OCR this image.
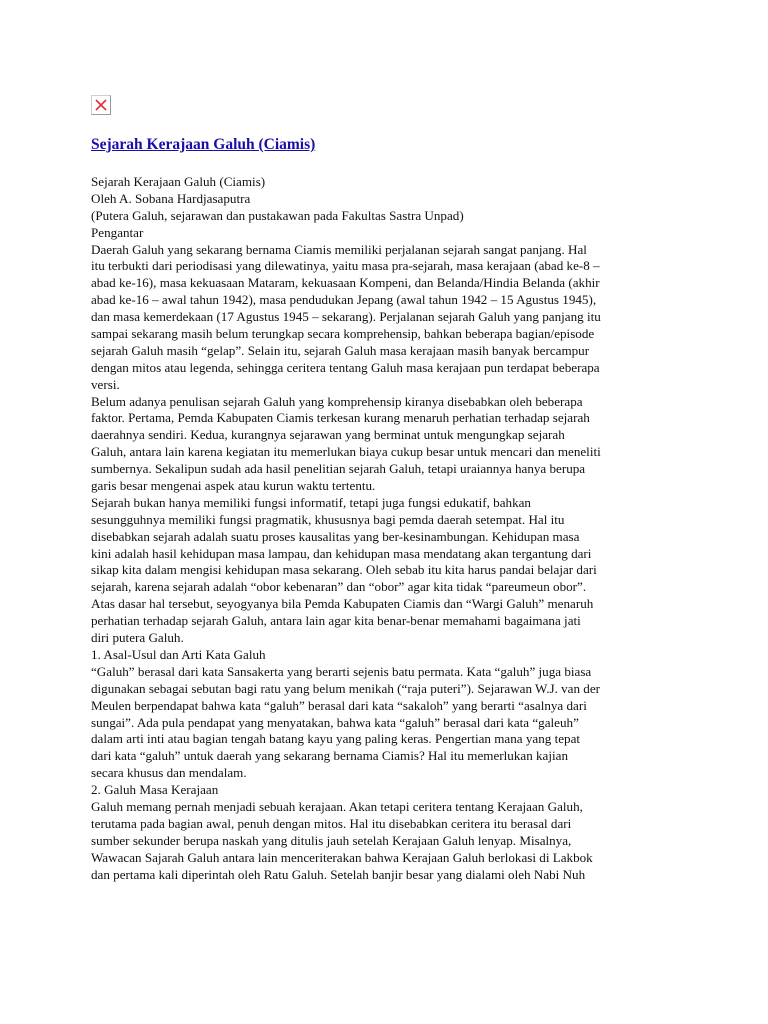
Sejarah Kerajaan Galuh (Ciamis)
Sejarah Kerajaan Galuh (Ciamis)
Oleh A. Sobana Hardjasaputra
(Putera Galuh, sejarawan dan pustakawan pada Fakultas Sastra Unpad)
Pengantar
Daerah Galuh yang sekarang bernama Ciamis memiliki perjalanan sejarah sangat panjang. Hal
itu terbukti dari periodisasi yang dilewatinya, yaitu masa pra-sejarah, masa kerajaan (abad ke-8 –
abad ke-16), masa kekuasaan Mataram, kekuasaan Kompeni, dan Belanda/Hindia Belanda (akhir
abad ke-16 – awal tahun 1942), masa pendudukan Jepang (awal tahun 1942 – 15 Agustus 1945),
dan masa kemerdekaan (17 Agustus 1945 – sekarang). Perjalanan sejarah Galuh yang panjang itu
sampai sekarang masih belum terungkap secara komprehensip, bahkan beberapa bagian/episode
sejarah Galuh masih “gelap”. Selain itu, sejarah Galuh masa kerajaan masih banyak bercampur
dengan mitos atau legenda, sehingga ceritera tentang Galuh masa kerajaan pun terdapat beberapa
versi.
Belum adanya penulisan sejarah Galuh yang komprehensip kiranya disebabkan oleh beberapa
faktor. Pertama, Pemda Kabupaten Ciamis terkesan kurang menaruh perhatian terhadap sejarah
daerahnya sendiri. Kedua, kurangnya sejarawan yang berminat untuk mengungkap sejarah
Galuh, antara lain karena kegiatan itu memerlukan biaya cukup besar untuk mencari dan meneliti
sumbernya. Sekalipun sudah ada hasil penelitian sejarah Galuh, tetapi uraiannya hanya berupa
garis besar mengenai aspek atau kurun waktu tertentu.
Sejarah bukan hanya memiliki fungsi informatif, tetapi juga fungsi edukatif, bahkan
sesungguhnya memiliki fungsi pragmatik, khususnya bagi pemda daerah setempat. Hal itu
disebabkan sejarah adalah suatu proses kausalitas yang ber-kesinambungan. Kehidupan masa
kini adalah hasil kehidupan masa lampau, dan kehidupan masa mendatang akan tergantung dari
sikap kita dalam mengisi kehidupan masa sekarang. Oleh sebab itu kita harus pandai belajar dari
sejarah, karena sejarah adalah “obor kebenaran” dan “obor” agar kita tidak “pareumeun obor”.
Atas dasar hal tersebut, seyogyanya bila Pemda Kabupaten Ciamis dan “Wargi Galuh” menaruh
perhatian terhadap sejarah Galuh, antara lain agar kita benar-benar memahami bagaimana jati
diri putera Galuh.
1. Asal-Usul dan Arti Kata Galuh
“Galuh” berasal dari kata Sansakerta yang berarti sejenis batu permata. Kata “galuh” juga biasa
digunakan sebagai sebutan bagi ratu yang belum menikah (“raja puteri”). Sejarawan W.J. van der
Meulen berpendapat bahwa kata “galuh” berasal dari kata “sakaloh” yang berarti “asalnya dari
sungai”. Ada pula pendapat yang menyatakan, bahwa kata “galuh” berasal dari kata “galeuh”
dalam arti inti atau bagian tengah batang kayu yang paling keras. Pengertian mana yang tepat
dari kata “galuh” untuk daerah yang sekarang bernama Ciamis? Hal itu memerlukan kajian
secara khusus dan mendalam.
2. Galuh Masa Kerajaan
Galuh memang pernah menjadi sebuah kerajaan. Akan tetapi ceritera tentang Kerajaan Galuh,
terutama pada bagian awal, penuh dengan mitos. Hal itu disebabkan ceritera itu berasal dari
sumber sekunder berupa naskah yang ditulis jauh setelah Kerajaan Galuh lenyap. Misalnya,
Wawacan Sajarah Galuh antara lain menceriterakan bahwa Kerajaan Galuh berlokasi di Lakbok
dan pertama kali diperintah oleh Ratu Galuh. Setelah banjir besar yang dialami oleh Nabi Nuh
